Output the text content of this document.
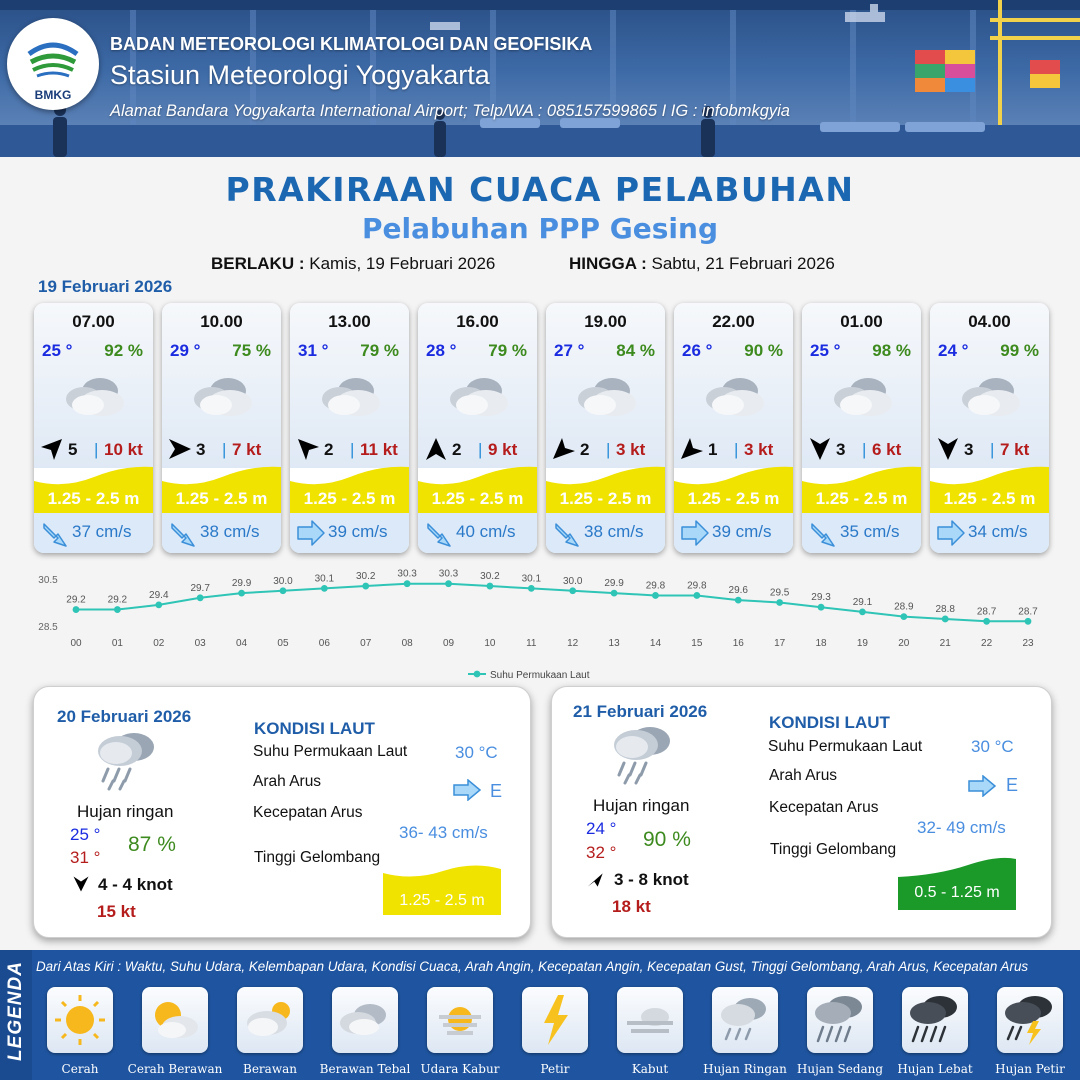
BMKG
BADAN METEOROLOGI KLIMATOLOGI DAN GEOFISIKA
Stasiun Meteorologi Yogyakarta
Alamat Bandara Yogyakarta International Airport; Telp/WA : 085157599865 I IG : infobmkgyia
PRAKIRAAN CUACA PELABUHAN
Pelabuhan PPP Gesing
BERLAKU : Kamis, 19 Februari 2026	HINGGA : Sabtu, 21 Februari 2026
19 Februari 2026
07.00
25 ° 92 %
5 | 10 kt
1.25 - 2.5 m
37 cm/s
10.00
29 ° 75 %
3 | 7 kt
1.25 - 2.5 m
38 cm/s
13.00
31 ° 79 %
2 | 11 kt
1.25 - 2.5 m
39 cm/s
16.00
28 ° 79 %
2 | 9 kt
1.25 - 2.5 m
40 cm/s
19.00
27 ° 84 %
2 | 3 kt
1.25 - 2.5 m
38 cm/s
22.00
26 ° 90 %
1 | 3 kt
1.25 - 2.5 m
39 cm/s
01.00
25 ° 98 %
3 | 6 kt
1.25 - 2.5 m
35 cm/s
04.00
24 ° 99 %
3 | 7 kt
1.25 - 2.5 m
34 cm/s
30.5
28.5
29.2
00
29.2
01
29.4
02
29.7
03
29.9
04
30.0
05
30.1
06
30.2
07
30.3
08
30.3
09
30.2
10
30.1
11
30.0
12
29.9
13
29.8
14
29.8
15
29.6
16
29.5
17
29.3
18
29.1
19
28.9
20
28.8
21
28.7
22
28.7
23
Suhu Permukaan Laut
20 Februari 2026
Hujan ringan
25 °
31 °
87 %
4 - 4 knot
15 kt
KONDISI LAUT
Suhu Permukaan Laut	30 °C
Arah Arus	E
Kecepatan Arus
36- 43 cm/s
Tinggi Gelombang
1.25 - 2.5 m
21 Februari 2026
Hujan ringan
24 °
32 °
90 %
3 - 8 knot
18 kt
KONDISI LAUT
Suhu Permukaan Laut	30 °C
Arah Arus	E
Kecepatan Arus
32- 49 cm/s
Tinggi Gelombang
0.5 - 1.25 m
LEGENDA Dari Atas Kiri : Waktu, Suhu Udara, Kelembapan Udara, Kondisi Cuaca, Arah Angin, Kecepatan Angin, Kecepatan Gust, Tinggi Gelombang, Arah Arus, Kecepatan Arus
Cerah	Cerah Berawan	Berawan	Berawan Tebal Udara Kabur	Petir	Kabut	Hujan Ringan Hujan Sedang	Hujan Lebat	Hujan Petir
